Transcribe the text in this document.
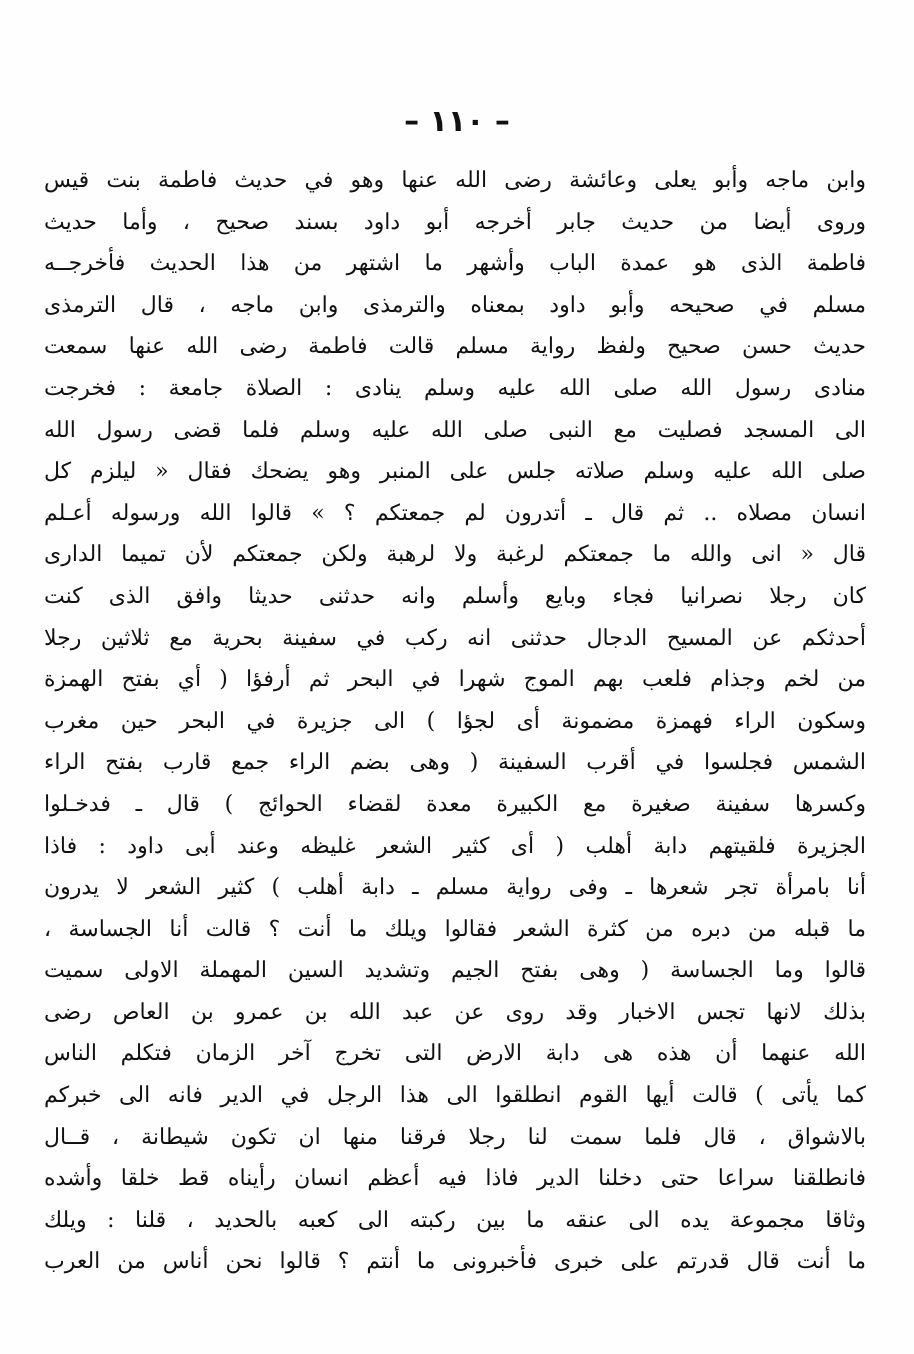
– ١١٠ –
وابن ماجه وأبو يعلى وعائشة رضى الله عنها وهو في حديث فاطمة بنت قيس
وروى أيضا من حديث جابر أخرجه أبو داود بسند صحيح ، وأما حديث
فاطمة الذى هو عمدة الباب وأشهر ما اشتهر من هذا الحديث فأخرجــه
مسلم في صحيحه وأبو داود بمعناه والترمذى وابن ماجه ، قال الترمذى
حديث حسن صحيح ولفظ رواية مسلم قالت فاطمة رضى الله عنها سمعت
منادى رسول الله صلى الله عليه وسلم ينادى : الصلاة جامعة : فخرجت
الى المسجد فصليت مع النبى صلى الله عليه وسلم فلما قضى رسول الله
صلى الله عليه وسلم صلاته جلس على المنبر وهو يضحك فقال « ليلزم كل
انسان مصلاه .. ثم قال ـ أتدرون لم جمعتكم ؟ » قالوا الله ورسوله أعـلم
قال « انى والله ما جمعتكم لرغبة ولا لرهبة ولكن جمعتكم لأن تميما الدارى
كان رجلا نصرانيا فجاء وبايع وأسلم وانه حدثنى حديثا وافق الذى كنت
أحدثكم عن المسيح الدجال حدثنى انه ركب في سفينة بحرية مع ثلاثين رجلا
من لخم وجذام فلعب بهم الموج شهرا في البحر ثم أرفؤا ( أي بفتح الهمزة
وسكون الراء فهمزة مضمونة أى لجؤا ) الى جزيرة في البحر حين مغرب
الشمس فجلسوا في أقرب السفينة ( وهى بضم الراء جمع قارب بفتح الراء
وكسرها سفينة صغيرة مع الكبيرة معدة لقضاء الحوائج ) قال ـ فدخـلوا
الجزيرة فلقيتهم دابة أهلب ( أى كثير الشعر غليظه وعند أبى داود : فاذا
أنا بامرأة تجر شعرها ـ وفى رواية مسلم ـ دابة أهلب ) كثير الشعر لا يدرون
ما قبله من دبره من كثرة الشعر فقالوا ويلك ما أنت ؟ قالت أنا الجساسة ،
قالوا وما الجساسة ( وهى بفتح الجيم وتشديد السين المهملة الاولى سميت
بذلك لانها تجس الاخبار وقد روى عن عبد الله بن عمرو بن العاص رضى
الله عنهما أن هذه هى دابة الارض التى تخرج آخر الزمان فتكلم الناس
كما يأتى ) قالت أيها القوم انطلقوا الى هذا الرجل في الدير فانه الى خبركم
بالاشواق ، قال فلما سمت لنا رجلا فرقنا منها ان تكون شيطانة ، قــال
فانطلقنا سراعا حتى دخلنا الدير فاذا فيه أعظم انسان رأيناه قط خلقا وأشده
وثاقا مجموعة يده الى عنقه ما بين ركبته الى كعبه بالحديد ، قلنا : ويلك
ما أنت قال قدرتم على خبرى فأخبرونى ما أنتم ؟ قالوا نحن أناس من العرب
